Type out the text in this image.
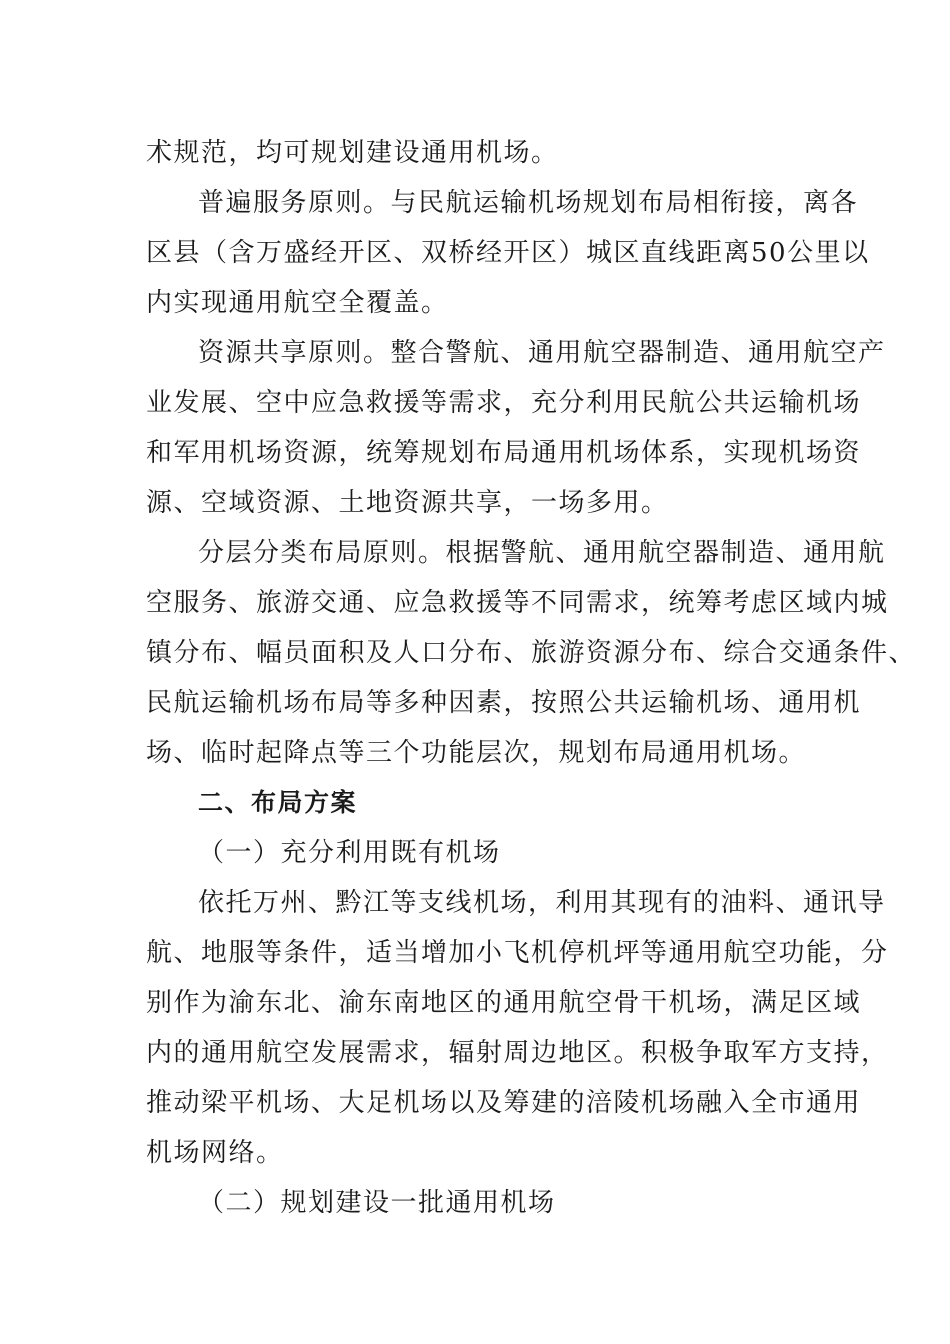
术规范，均可规划建设通用机场。
普遍服务原则。与民航运输机场规划布局相衔接，离各
区县（含万盛经开区、双桥经开区）城区直线距离50公里以
内实现通用航空全覆盖。
资源共享原则。整合警航、通用航空器制造、通用航空产
业发展、空中应急救援等需求，充分利用民航公共运输机场
和军用机场资源，统筹规划布局通用机场体系，实现机场资
源、空域资源、土地资源共享，一场多用。
分层分类布局原则。根据警航、通用航空器制造、通用航
空服务、旅游交通、应急救援等不同需求，统筹考虑区域内城
镇分布、幅员面积及人口分布、旅游资源分布、综合交通条件、
民航运输机场布局等多种因素，按照公共运输机场、通用机
场、临时起降点等三个功能层次，规划布局通用机场。
二、布局方案
（一）充分利用既有机场
依托万州、黔江等支线机场，利用其现有的油料、通讯导
航、地服等条件，适当增加小飞机停机坪等通用航空功能，分
别作为渝东北、渝东南地区的通用航空骨干机场，满足区域
内的通用航空发展需求，辐射周边地区。积极争取军方支持，
推动梁平机场、大足机场以及筹建的涪陵机场融入全市通用
机场网络。
（二）规划建设一批通用机场
